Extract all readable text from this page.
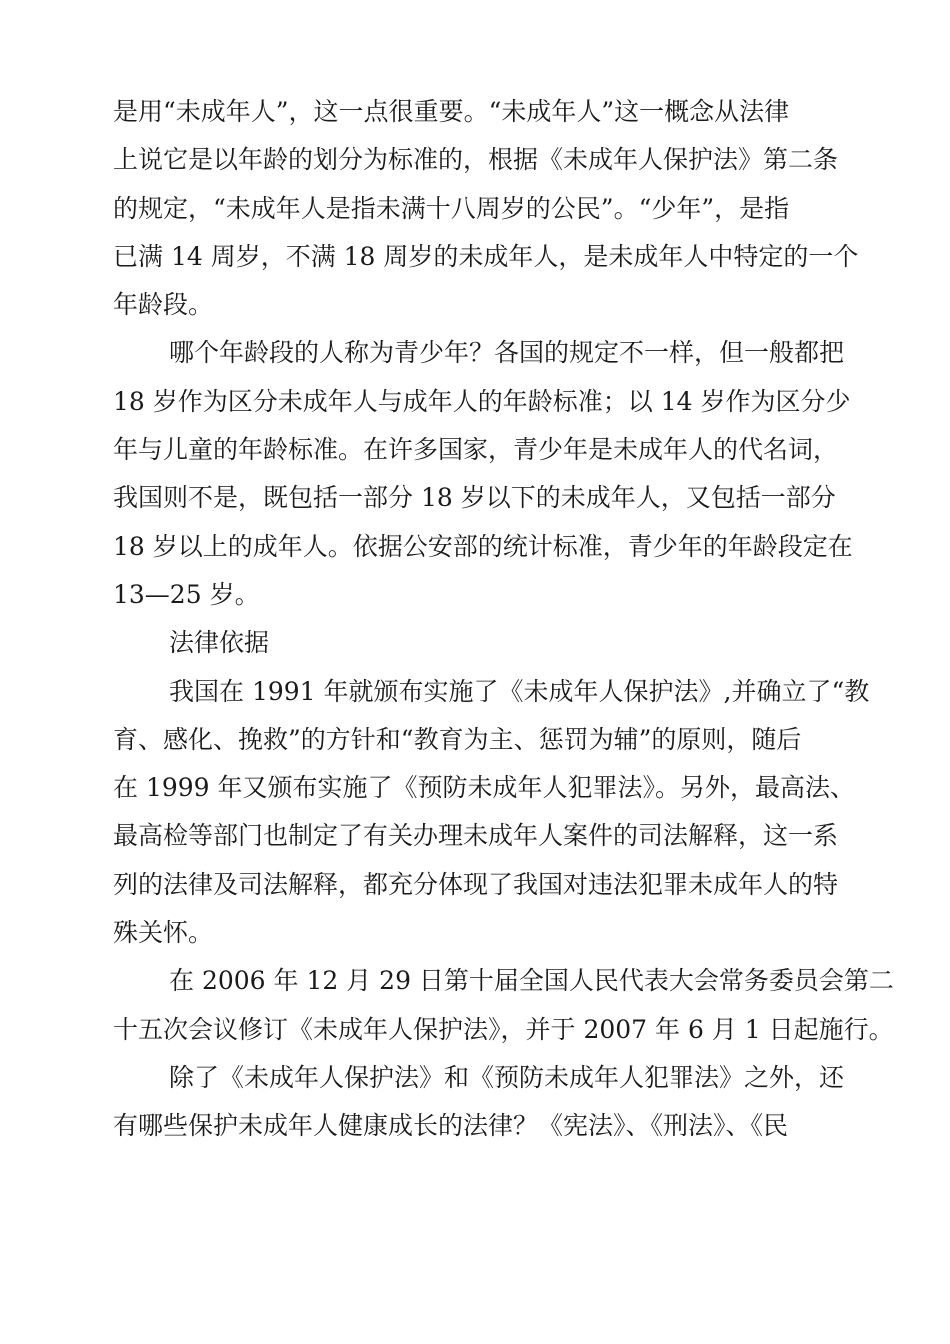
是用“未成年人”，这一点很重要。“未成年人”这一概念从法律
上说它是以年龄的划分为标准的，根据《未成年人保护法》第二条
的规定，“未成年人是指未满十八周岁的公民”。“少年”，是指
已满 14 周岁，不满 18 周岁的未成年人，是未成年人中特定的一个
年龄段。
哪个年龄段的人称为青少年？各国的规定不一样，但一般都把
18 岁作为区分未成年人与成年人的年龄标准；以 14 岁作为区分少
年与儿童的年龄标准。在许多国家，青少年是未成年人的代名词，
我国则不是，既包括一部分 18 岁以下的未成年人，又包括一部分
18 岁以上的成年人。依据公安部的统计标准，青少年的年龄段定在
13—25 岁。
法律依据
我国在 1991 年就颁布实施了《未成年人保护法》,并确立了“教
育、感化、挽救”的方针和“教育为主、惩罚为辅”的原则，随后
在 1999 年又颁布实施了《预防未成年人犯罪法》。另外，最高法、
最高检等部门也制定了有关办理未成年人案件的司法解释，这一系
列的法律及司法解释，都充分体现了我国对违法犯罪未成年人的特
殊关怀。
在 2006 年 12 月 29 日第十届全国人民代表大会常务委员会第二
十五次会议修订《未成年人保护法》，并于 2007 年 6 月 1 日起施行。
除了《未成年人保护法》和《预防未成年人犯罪法》之外，还
有哪些保护未成年人健康成长的法律？《宪法》、《刑法》、《民
